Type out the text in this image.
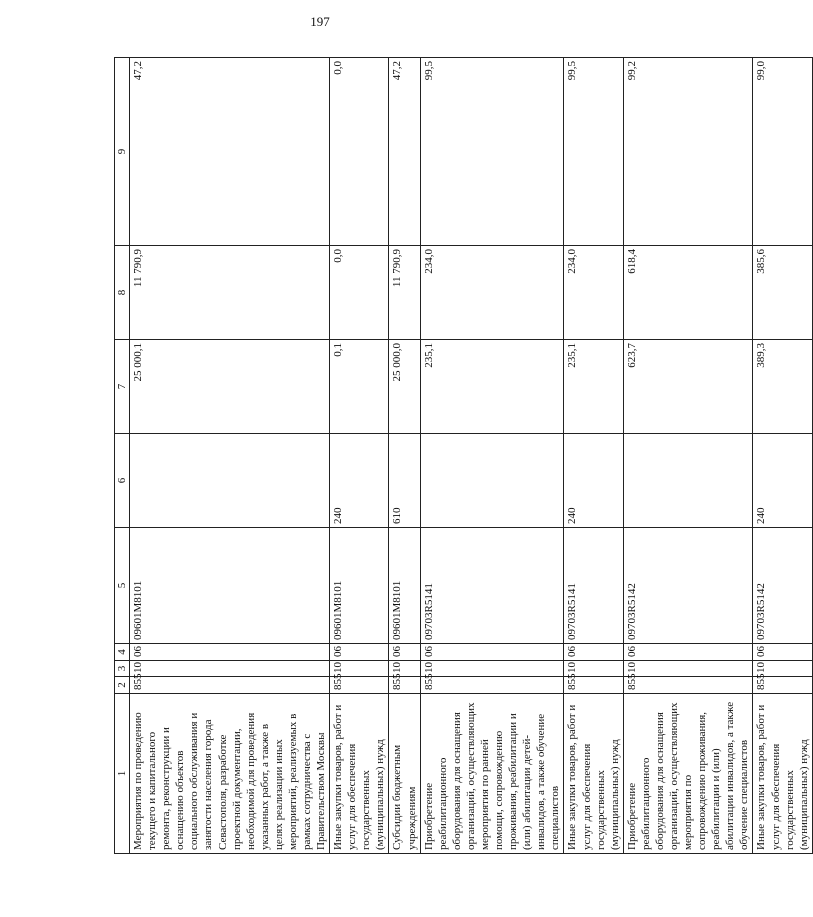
197
1	2	3	4	5	6	7	8	9
Мероприятия по проведению текущего и капитального ремонта, реконструкции и оснащению объектов социального обслуживания и занятости населения города Севастополя, разработке проектной документации, необходимой для проведения указанных работ, а также в целях реализации иных мероприятий, реализуемых в рамках сотрудничества с Правительством Москвы	855	10	06	09601M8101		25 000,1	11 790,9	47,2
Иные закупки товаров, работ и услуг для обеспечения государственных (муниципальных) нужд	855	10	06	09601M8101	240	0,1	0,0	0,0
Субсидии бюджетным учреждениям	855	10	06	09601M8101	610	25 000,0	11 790,9	47,2
Приобретение реабилитационного оборудования для оснащения организаций, осуществляющих мероприятия по ранней помощи, сопровождению проживания, реабилитации и (или) абилитации детей-инвалидов, а также обучение специалистов	855	10	06	09703R5141		235,1	234,0	99,5
Иные закупки товаров, работ и услуг для обеспечения государственных (муниципальных) нужд	855	10	06	09703R5141	240	235,1	234,0	99,5
Приобретение реабилитационного оборудования для оснащения организаций, осуществляющих мероприятия по сопровождению проживания, реабилитации и (или) абилитации инвалидов, а также обучение специалистов	855	10	06	09703R5142		623,7	618,4	99,2
Иные закупки товаров, работ и услуг для обеспечения государственных (муниципальных) нужд	855	10	06	09703R5142	240	389,3	385,6	99,0
